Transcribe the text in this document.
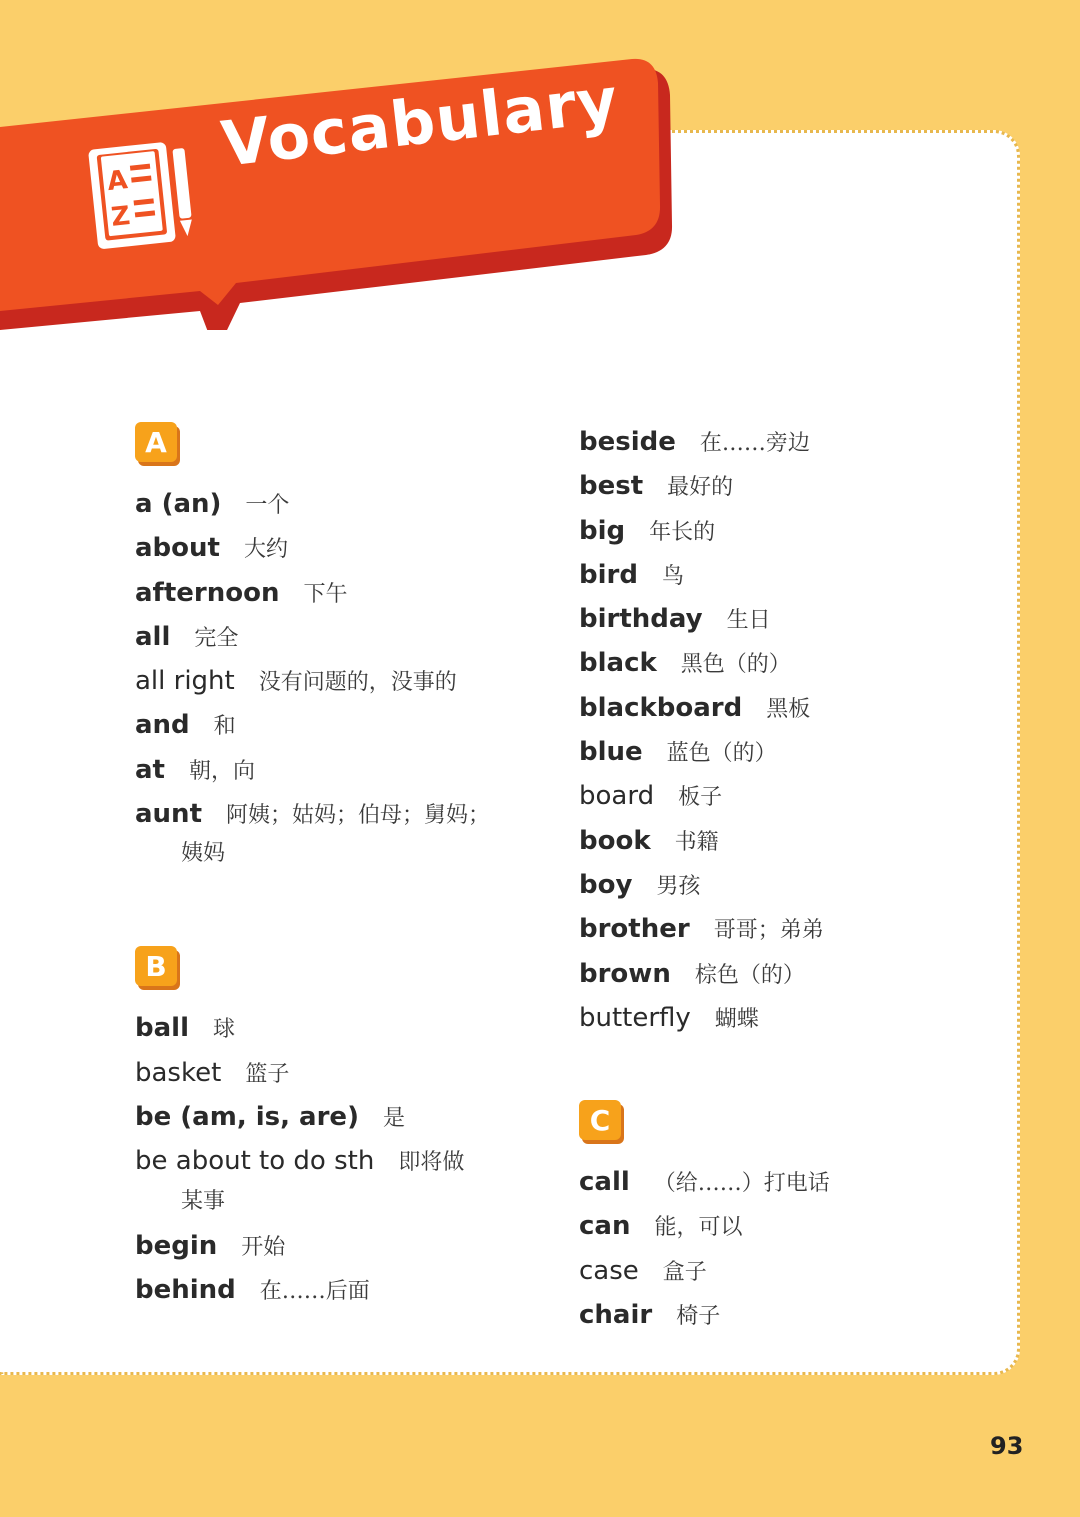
A
Z
Vocabulary
A
a (an) 一个
about 大约
afternoon 下午
all 完全
all right 没有问题的，没事的
and 和
at 朝，向
aunt 阿姨；姑妈；伯母；舅妈；
姨妈
B
ball 球
basket 篮子
be (am, is, are) 是
be about to do sth 即将做
某事
begin 开始
behind 在……后面
beside 在……旁边
best 最好的
big 年长的
bird 鸟
birthday 生日
black 黑色（的）
blackboard 黑板
blue 蓝色（的）
board 板子
book 书籍
boy 男孩
brother 哥哥；弟弟
brown 棕色（的）
butterfly 蝴蝶
C
call （给……）打电话
can 能，可以
case 盒子
chair 椅子
93
